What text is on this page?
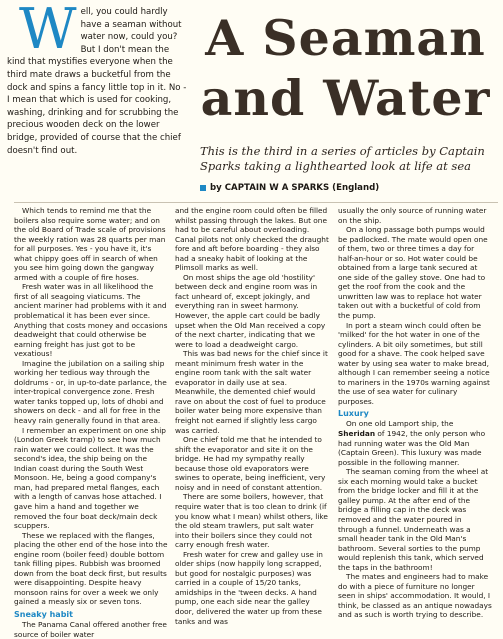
Well, you could hardly have a seaman without water now, could you? But I don't mean the kind that mystifies everyone when the third mate draws a bucketful from the dock and spins a fancy little top in it. No - I mean that which is used for cooking, washing, drinking and for scrubbing the precious wooden deck on the lower bridge, provided of course that the chief doesn't find out.
A Seaman
and Water
This is the third in a series of articles by Captain Sparks taking a lighthearted look at life at sea
by CAPTAIN W A SPARKS (England)

Which tends to remind me that the boilers also require some water; and on the old Board of Trade scale of provisions the weekly ration was 28 quarts per man for all purposes. Yes - you have it, it's what chippy goes off in search of when you see him going down the gangway armed with a couple of fire hoses.

Fresh water was in all likelihood the first of all seagoing viaticums. The ancient mariner had problems with it and problematical it has been ever since. Anything that costs money and occasions deadweight that could otherwise be earning freight has just got to be vexatious!

Imagine the jubilation on a sailing ship working her tedious way through the doldrums - or, in up-to-date parlance, the inter-tropical convergence zone. Fresh water tanks topped up, lots of dhobi and showers on deck - and all for free in the heavy rain generally found in that area.

I remember an experiment on one ship (London Greek tramp) to see how much rain water we could collect. It was the second's idea, the ship being on the Indian coast during the South West Monsoon. He, being a good company's man, had prepared metal flanges, each with a length of canvas hose attached. I gave him a hand and together we removed the four boat deck/main deck scuppers.

These we replaced with the flanges, placing the other end of the hose into the engine room (boiler feed) double bottom tank filling pipes. Rubbish was broomed down from the boat deck first, but results were disappointing. Despite heavy monsoon rains for over a week we only gained a measly six or seven tons.

Sneaky habit

The Panama Canal offered another free source of boiler water

and the engine room could often be filled whilst passing through the lakes. But one had to be careful about overloading. Canal pilots not only checked the draught fore and aft before boarding - they also had a sneaky habit of looking at the Plimsoll marks as well.

On most ships the age old 'hostility' between deck and engine room was in fact unheard of, except jokingly, and everything ran in sweet harmony. However, the apple cart could be badly upset when the Old Man received a copy of the next charter, indicating that we were to load a deadweight cargo.

This was bad news for the chief since it meant minimum fresh water in the engine room tank with the salt water evaporator in daily use at sea. Meanwhile, the demented chief would rave on about the cost of fuel to produce boiler water being more expensive than freight not earned if slightly less cargo was carried.

One chief told me that he intended to shift the evaporator and site it on the bridge. He had my sympathy really because those old evaporators were swines to operate, being inefficient, very noisy and in need of constant attention.

There are some boilers, however, that require water that is too clean to drink (if you know what I mean) whilst others, like the old steam trawlers, put salt water into their boilers since they could not carry enough fresh water.

Fresh water for crew and galley use in older ships (now happily long scrapped, but good for nostalgic purposes) was carried in a couple of 15/20 tanks, amidships in the 'tween decks. A hand pump, one each side near the galley door, delivered the water up from these tanks and was

usually the only source of running water on the ship.

On a long passage both pumps would be padlocked. The mate would open one of them, two or three times a day for half-an-hour or so. Hot water could be obtained from a large tank secured at one side of the galley stove. One had to get the roof from the cook and the unwritten law was to replace hot water taken out with a bucketful of cold from the pump.

In port a steam winch could often be 'milked' for the hot water in one of the cylinders. A bit oily sometimes, but still good for a shave. The cook helped save water by using sea water to make bread, although I can remember seeing a notice to mariners in the 1970s warning against the use of sea water for culinary purposes.

Luxury

On one old Lamport ship, the Sheridan of 1942, the only person who had running water was the Old Man (Captain Green). This luxury was made possible in the following manner.

The seaman coming from the wheel at six each morning would take a bucket from the bridge locker and fill it at the galley pump. At the after end of the bridge a filling cap in the deck was removed and the water poured in through a funnel. Underneath was a small header tank in the Old Man's bathroom. Several sorties to the pump would replenish this tank, which served the taps in the bathroom!

The mates and engineers had to make do with a piece of furniture no longer seen in ships' accommodation. It would, I think, be classed as an antique nowadays and as such is worth trying to describe.
